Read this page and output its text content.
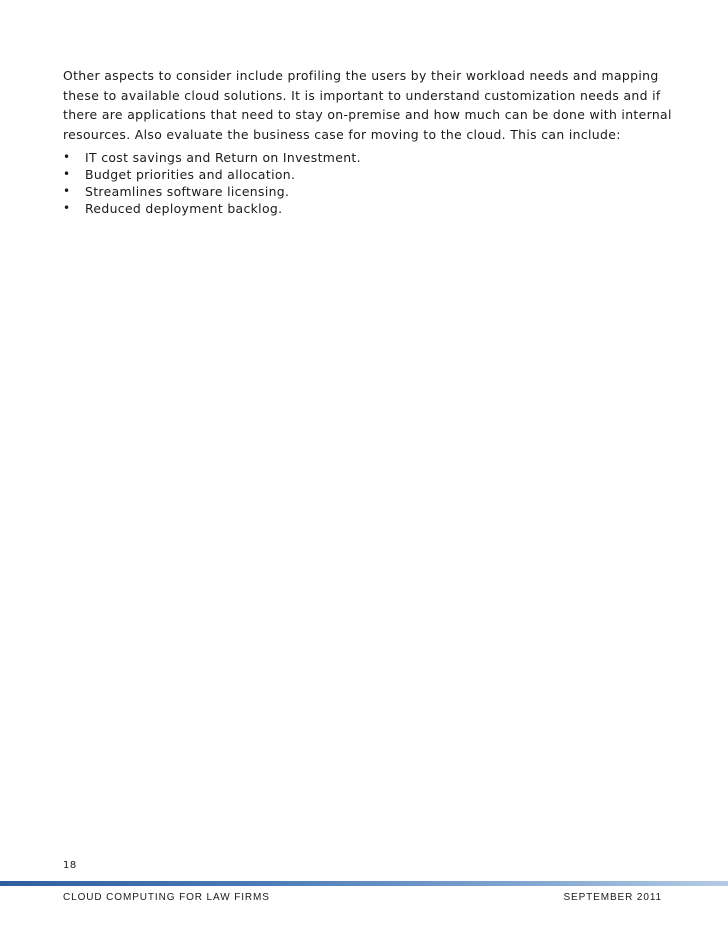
Other aspects to consider include profiling the users by their workload needs and mapping these to available cloud solutions. It is important to understand customization needs and if there are applications that need to stay on-premise and how much can be done with internal resources. Also evaluate the business case for moving to the cloud. This can include:

• IT cost savings and Return on Investment.
• Budget priorities and allocation.
• Streamlines software licensing.
• Reduced deployment backlog.
18
CLOUD COMPUTING FOR LAW FIRMS	SEPTEMBER 2011
